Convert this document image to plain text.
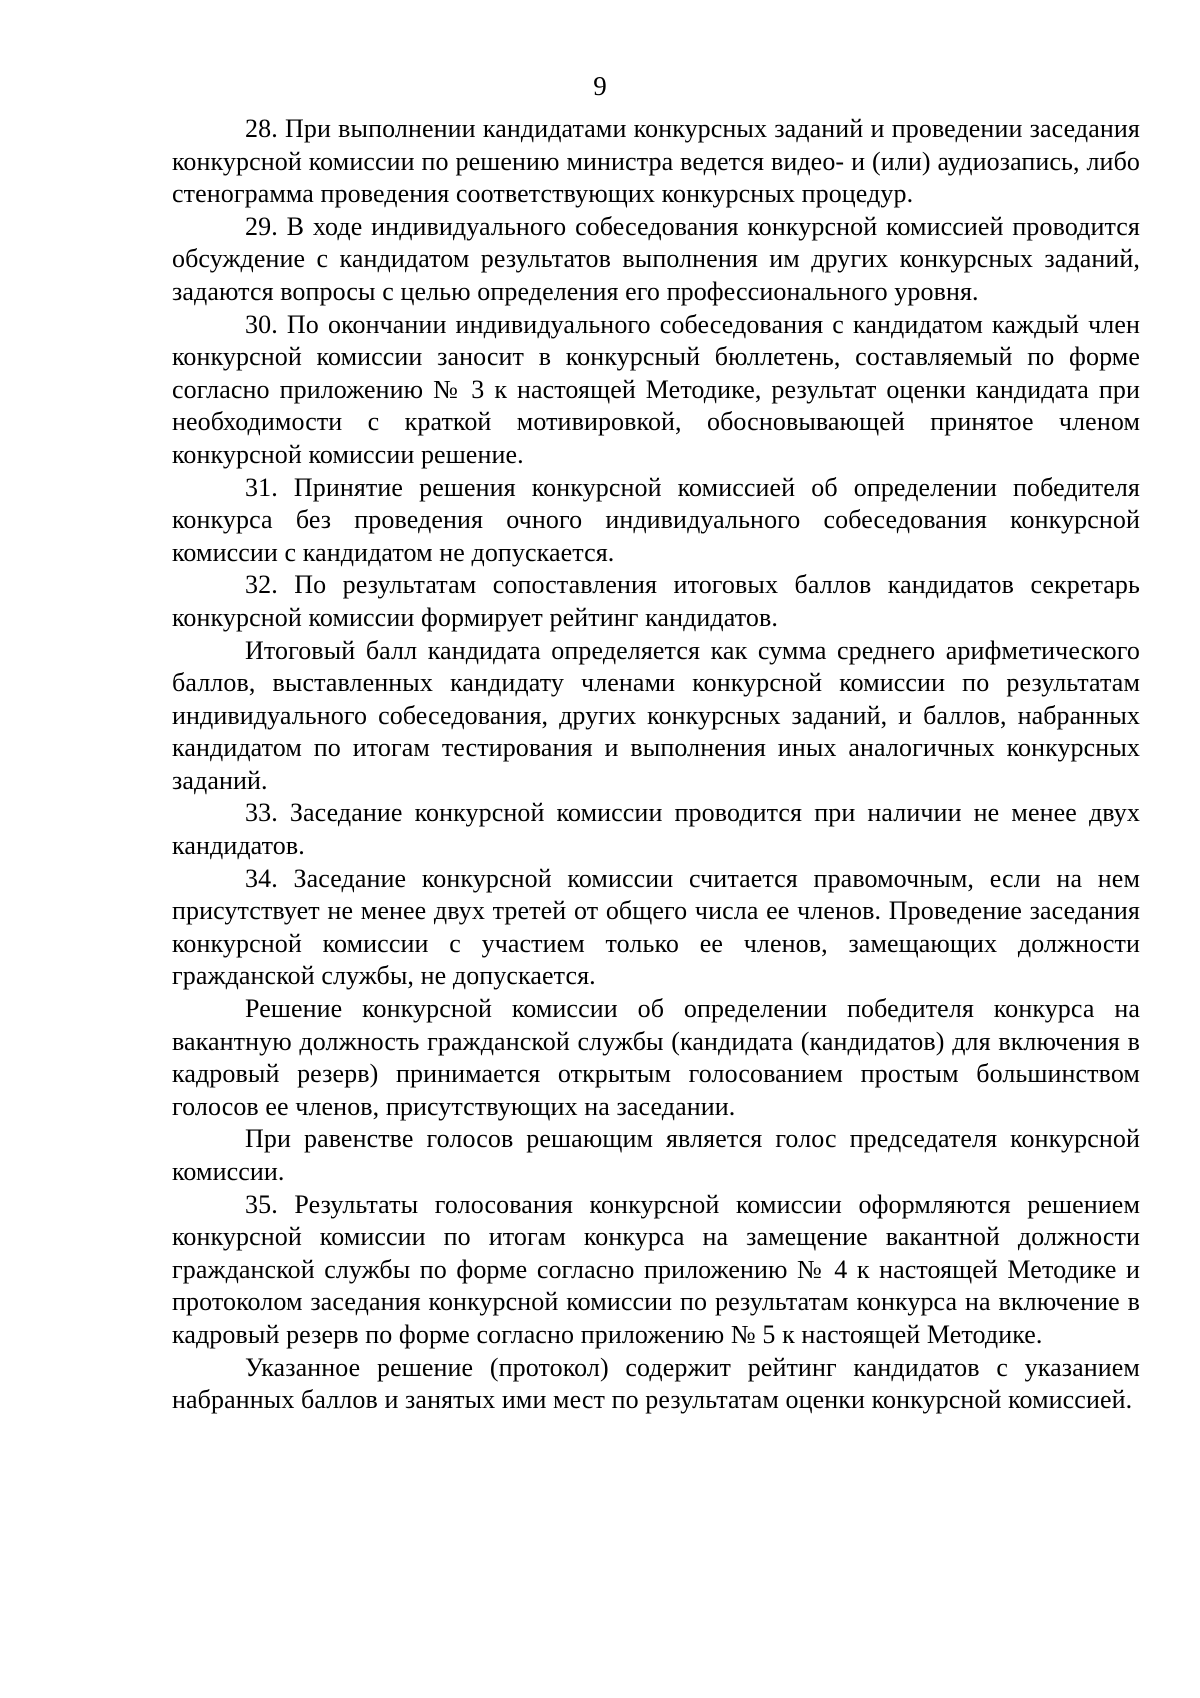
9

28. При выполнении кандидатами конкурсных заданий и проведении заседания конкурсной комиссии по решению министра ведется видео- и (или) аудиозапись, либо стенограмма проведения соответствующих конкурсных процедур.

29. В ходе индивидуального собеседования конкурсной комиссией проводится обсуждение с кандидатом результатов выполнения им других конкурсных заданий, задаются вопросы с целью определения его профессионального уровня.

30. По окончании индивидуального собеседования с кандидатом каждый член конкурсной комиссии заносит в конкурсный бюллетень, составляемый по форме согласно приложению № 3 к настоящей Методике, результат оценки кандидата при необходимости с краткой мотивировкой, обосновывающей принятое членом конкурсной комиссии решение.

31. Принятие решения конкурсной комиссией об определении победителя конкурса без проведения очного индивидуального собеседования конкурсной комиссии с кандидатом не допускается.

32. По результатам сопоставления итоговых баллов кандидатов секретарь конкурсной комиссии формирует рейтинг кандидатов.

Итоговый балл кандидата определяется как сумма среднего арифметического баллов, выставленных кандидату членами конкурсной комиссии по результатам индивидуального собеседования, других конкурсных заданий, и баллов, набранных кандидатом по итогам тестирования и выполнения иных аналогичных конкурсных заданий.

33. Заседание конкурсной комиссии проводится при наличии не менее двух кандидатов.

34. Заседание конкурсной комиссии считается правомочным, если на нем присутствует не менее двух третей от общего числа ее членов. Проведение заседания конкурсной комиссии с участием только ее членов, замещающих должности гражданской службы, не допускается.

Решение конкурсной комиссии об определении победителя конкурса на вакантную должность гражданской службы (кандидата (кандидатов) для включения в кадровый резерв) принимается открытым голосованием простым большинством голосов ее членов, присутствующих на заседании.

При равенстве голосов решающим является голос председателя конкурсной комиссии.

35. Результаты голосования конкурсной комиссии оформляются решением конкурсной комиссии по итогам конкурса на замещение вакантной должности гражданской службы по форме согласно приложению № 4 к настоящей Методике и протоколом заседания конкурсной комиссии по результатам конкурса на включение в кадровый резерв по форме согласно приложению № 5 к настоящей Методике.

Указанное решение (протокол) содержит рейтинг кандидатов с указанием набранных баллов и занятых ими мест по результатам оценки конкурсной комиссией.
